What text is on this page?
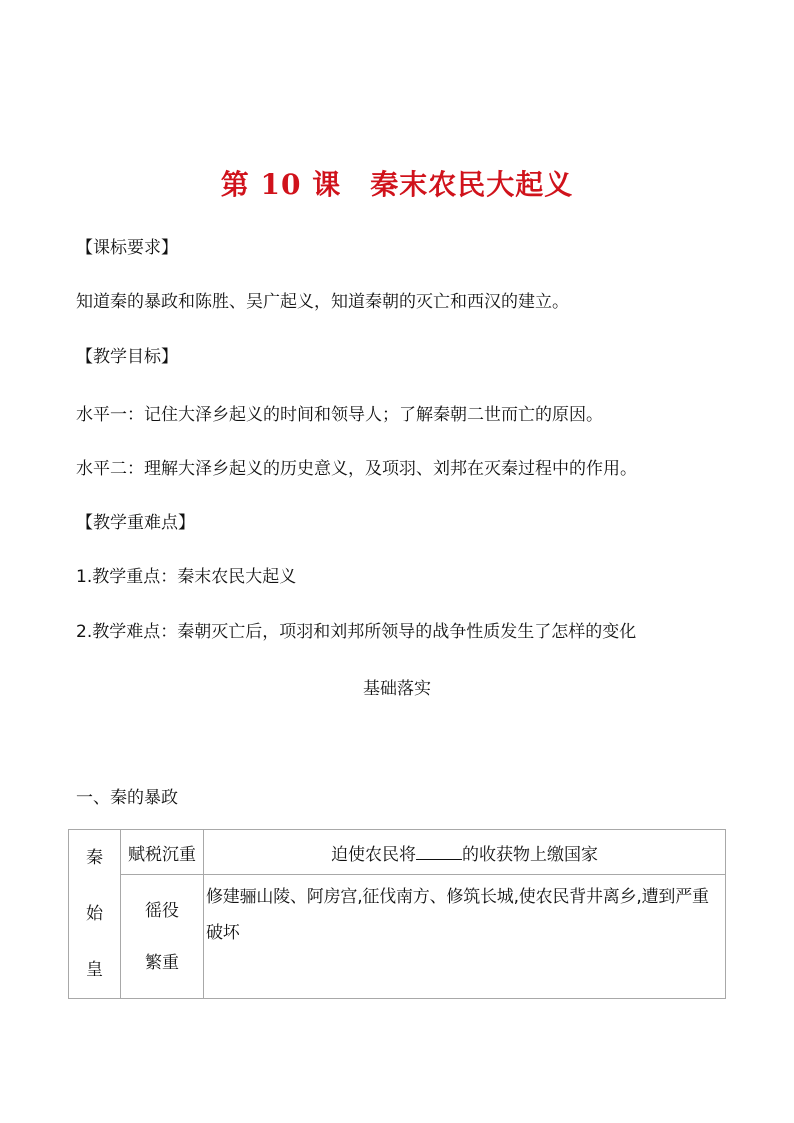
第 10 课　秦末农民大起义

【课标要求】

知道秦的暴政和陈胜、吴广起义，知道秦朝的灭亡和西汉的建立。

【教学目标】

水平一：记住大泽乡起义的时间和领导人；了解秦朝二世而亡的原因。

水平二：理解大泽乡起义的历史意义，及项羽、刘邦在灭秦过程中的作用。

【教学重难点】

1.教学重点：秦末农民大起义

2.教学难点：秦朝灭亡后，项羽和刘邦所领导的战争性质发生了怎样的变化

基础落实

一、秦的暴政

秦
始
皇	赋税沉重	迫使农民将 的收获物上缴国家

	徭役
繁重	修建骊山陵、阿房宫,征伐南方、修筑长城,使农民背井离乡,遭到严重破坏
